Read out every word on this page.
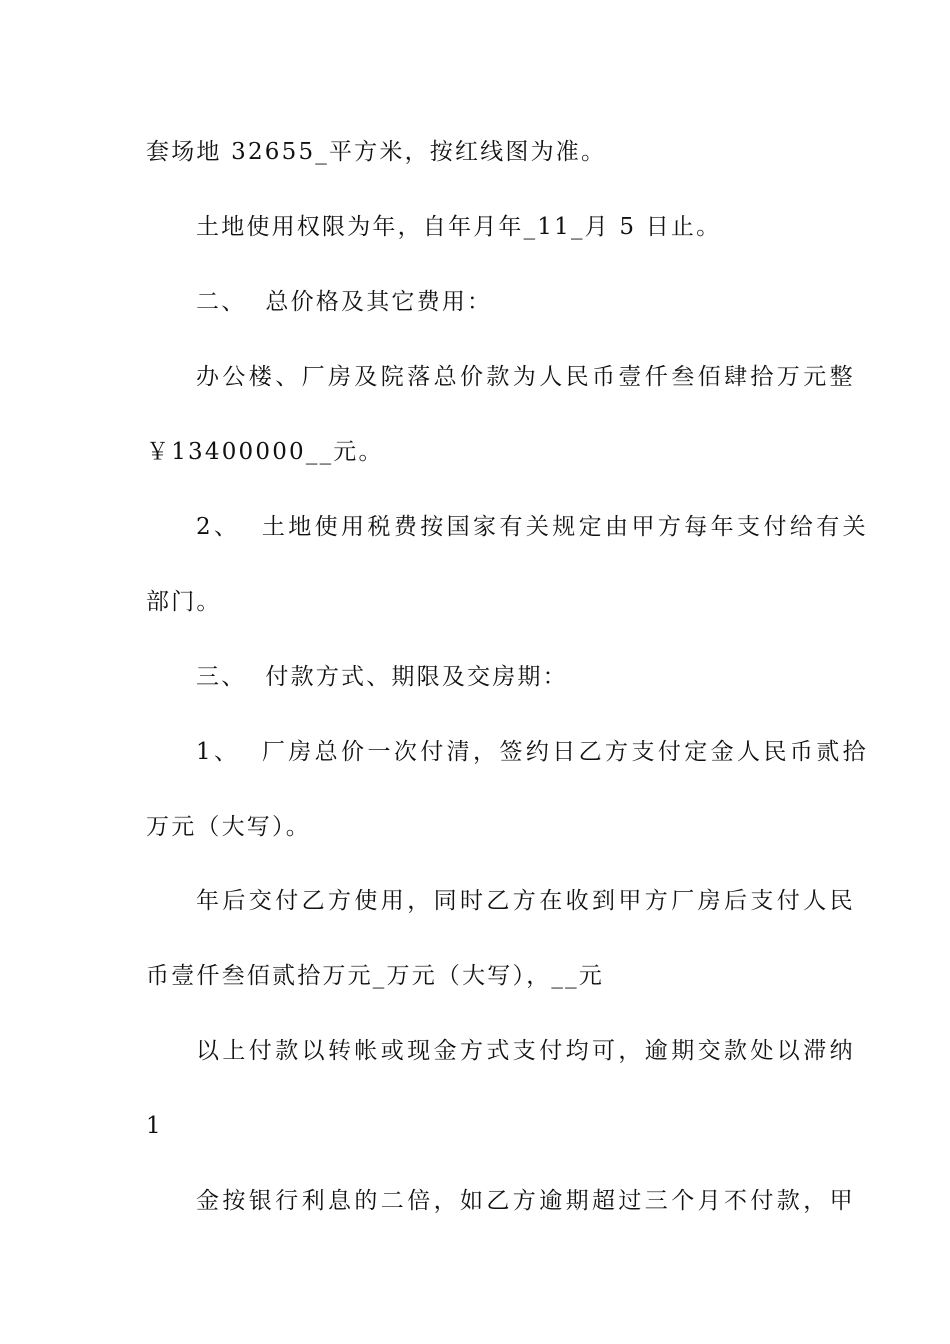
套场地 32655_平方米，按红线图为准。
土地使用权限为年，自年月年_11_月 5 日止。
二、  总价格及其它费用：
办公楼、厂房及院落总价款为人民币壹仟叁佰肆拾万元整
￥13400000__元。
2、  土地使用税费按国家有关规定由甲方每年支付给有关
部门。
三、  付款方式、期限及交房期：
1、  厂房总价一次付清，签约日乙方支付定金人民币贰拾
万元（大写）。
年后交付乙方使用，同时乙方在收到甲方厂房后支付人民
币壹仟叁佰贰拾万元_万元（大写），__元
以上付款以转帐或现金方式支付均可，逾期交款处以滞纳
1
金按银行利息的二倍，如乙方逾期超过三个月不付款，甲
